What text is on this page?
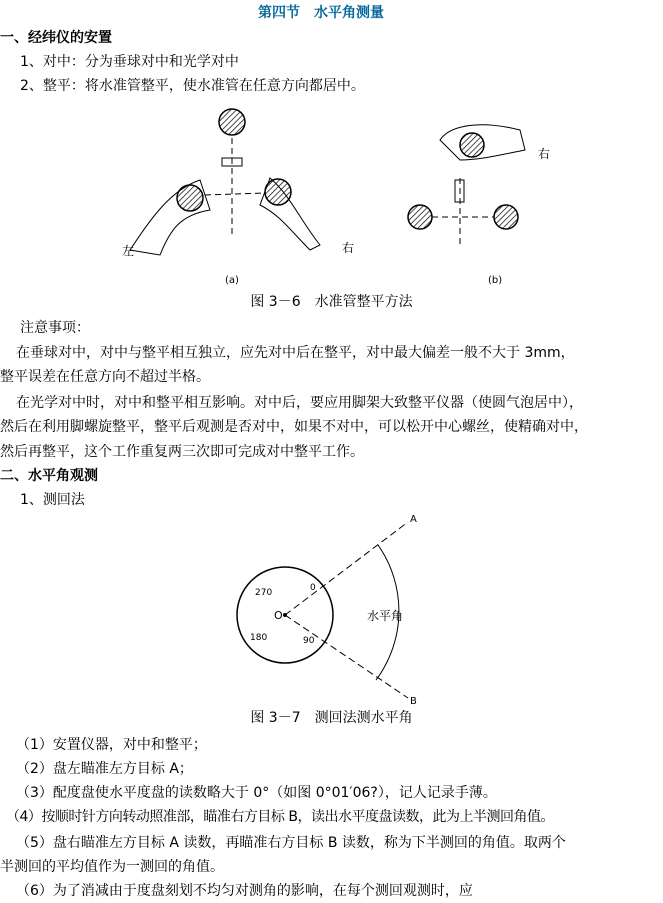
第四节　水平角测量
一、经纬仪的安置
1、对中：分为垂球对中和光学对中
2、整平：将水准管整平，使水准管在任意方向都居中。
左	右
右
(a)	(b)
图 3－6　水准管整平方法
注意事项：
在垂球对中，对中与整平相互独立，应先对中后在整平，对中最大偏差一般不大于 3mm，
整平误差在任意方向不超过半格。
在光学对中时，对中和整平相互影响。对中后，要应用脚架大致整平仪器（使圆气泡居中），
然后在利用脚螺旋整平，整平后观测是否对中，如果不对中，可以松开中心螺丝，使精确对中，
然后再整平，这个工作重复两三次即可完成对中整平工作。
二、水平角观测
1、测回法
A
B
O	水平角
0
90
180
270
图 3－7　测回法测水平角
（1）安置仪器，对中和整平；
（2）盘左瞄准左方目标 A；
（3）配度盘使水平度盘的读数略大于 0°（如图 0°01′06?），记人记录手薄。
（4）按顺时针方向转动照准部，瞄准右方目标 B，读出水平度盘读数，此为上半测回角值。
（5）盘右瞄准左方目标 A 读数，再瞄准右方目标 B 读数，称为下半测回的角值。取两个
半测回的平均值作为一测回的角值。
（6）为了消减由于度盘刻划不均匀对测角的影响，在每个测回观测时，应
